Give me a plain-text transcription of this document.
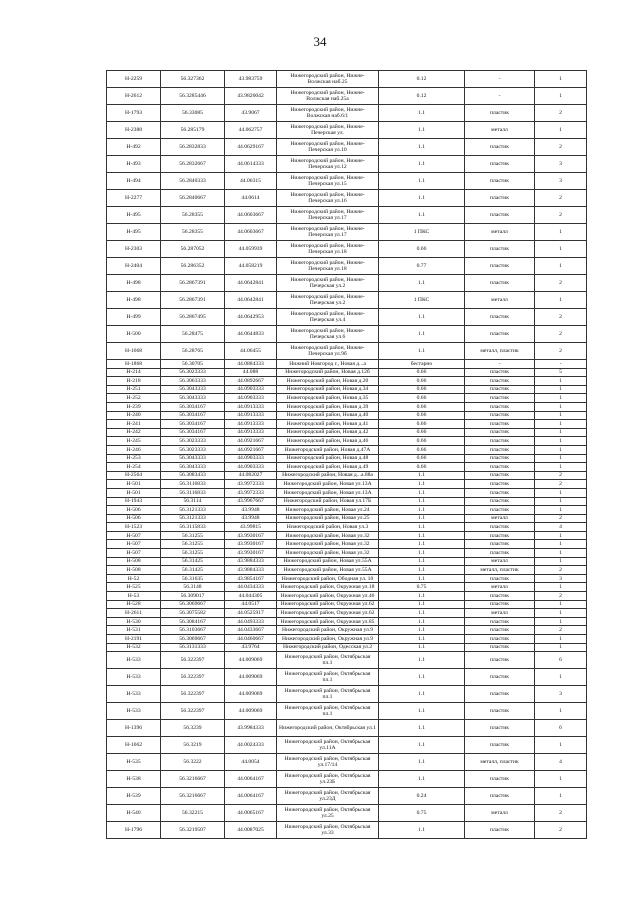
34
Н-2259	56.327362	43.983759	Нижегородский район, Нижне-Волжская наб.25	0.12	-	1
Н-2612	56.3285446	43.9826042	Нижегородский район, Нижне-Волжская наб.25а	0.12	-	1
Н-1793	56.33085	43.9067	Нижегородский район, Нижне-Волжская наб.6/1	1.1	пластик	2
Н-2388	56.285179	44.062757	Нижегородский район, Нижне-Печерская ул.	1.1	металл	1
Н-492	56.2832833	44.0629167	Нижегородский район, Нижне-Печерская ул.10	1.1	пластик	2
Н-493	56.2832667	44.0614333	Нижегородский район, Нижне-Печерская ул.12	1.1	пластик	3
Н-494	56.2840333	44.06315	Нижегородский район, Нижне-Печерская ул.15	1.1	пластик	3
Н-2277	56.2840667	44.0614	Нижегородский район, Нижне-Печерская ул.16	1.1	пластик	2
Н-495	56.28355	44.0603667	Нижегородский район, Нижне-Печерская ул.17	1.1	пластик	2
Н-495	56.28355	44.0603667	Нижегородский район, Нижне-Печерская ул.17	1 ПКС	металл	1
Н-2303	56.287052	44.059939	Нижегородский район, Нижне-Печерская ул.18	0.66	пластик	1
Н-2404	56.286352	44.058219	Нижегородский район, Нижне-Печерская ул.18	0.77	пластик	1
Н-498	56.2867391	44.0642841	Нижегородский район, Нижне-Печерская ул.2	1.1	пластик	2
Н-498	56.2867391	44.0642841	Нижегородский район, Нижне-Печерская ул.2	1 ПКС	металл	1
Н-499	56.2867495	44.0642953	Нижегородский район, Нижне-Печерская ул.4	1.1	пластик	2
Н-500	56.28475	44.0644833	Нижегородский район, Нижне-Печерская ул.6	1.1	пластик	2
Н-1668	56.28765	44.06455	Нижегородский район, Нижне-Печерская ул.9б	1.1	металл, пластик	2
Н-1868	56.30705	44.0884333	Нижний Новгород г., Новая д...а	бестарно	-	-
Н-214	56.3023333	44.088	Нижегородский район, Новая д.12б	0.66	пластик	5
Н-218	56.3063333	44.0892667	Нижегородский район, Новая д.20	0.66	пластик	1
Н-251	56.3043333	44.0903333	Нижегородский район, Новая д.34	0.66	пластик	1
Н-252	56.3043333	44.0903333	Нижегородский район, Новая д.35	0.66	пластик	1
Н-239	56.3034167	44.0913333	Нижегородский район, Новая д.39	0.66	пластик	1
Н-240	56.3034167	44.0913333	Нижегородский район, Новая д.40	0.66	пластик	1
Н-241	56.3034167	44.0913333	Нижегородский район, Новая д.41	0.66	пластик	1
Н-242	56.3034167	44.0913333	Нижегородский район, Новая д.42	0.66	пластик	1
Н-245	56.3023333	44.0921667	Нижегородский район, Новая д.46	0.66	пластик	1
Н-246	56.3023333	44.0921667	Нижегородский район, Новая д.47А	0.66	пластик	1
Н-253	56.3043333	44.0903333	Нижегородский район, Новая д.48	0.66	пластик	1
Н-254	56.3043333	44.0903333	Нижегородский район, Новая д.49	0.66	пластик	1
Н-2564	56.3083433	44.082027	Нижегородский район, Новая д...а.88а	1.1	пластик	2
Н-501	56.3116833	43.9972333	Нижегородский район, Новая ул.13А	1.1	пластик	2
Н-501	56.3116833	43.9972333	Нижегородский район, Новая ул.13А	1.1	пластик	1
Н-1943	56.3114	43.9967667	Нижегородский район, Новая ул.17Б	1.1	пластик	1
Н-506	56.3121333	43.9948	Нижегородский район, Новая ул.24	1.1	пластик	1
Н-506	56.3121333	43.9948	Нижегородский район, Новая ул.25	1.1	металл	2
Н-1523	56.3115833	43.99815	Нижегородский район, Новая ул.3	1.1	пластик	4
Н-507	56.31255	43.9930167	Нижегородский район, Новая ул.32	1.1	пластик	1
Н-507	56.31255	43.9930167	Нижегородский район, Новая ул.32	1.1	пластик	1
Н-507	56.31255	43.9930167	Нижегородский район, Новая ул.32	1.1	пластик	1
Н-508	56.31425	43.9884333	Нижегородский район, Новая ул.55А	1.1	металл	1
Н-508	56.31425	43.9884333	Нижегородский район, Новая ул.55А	1.1	металл, пластик	2
Н-52	56.31635	43.9854167	Нижегородский район, Ободная ул. 10	1.1	пластик	3
Н-525	56.3148	44.0434333	Нижегородский район, Окружная ул.18	0.75	металл	1
Н-53	56.309017	44.044305	Нижегородский район, Окружная ул.46	1.1	пластик	2
Н-528	56.3069667	44.0517	Нижегородский район, Окружная ул.62	1.1	пластик	1
Н-2611	56.3075582	44.0525917	Нижегородский район, Окружная ул.62	1.1	металл	1
Н-530	56.3084167	44.0493333	Нижегородский район, Окружная ул.85	1.1	пластик	1
Н-531	56.3103667	44.0433667	Нижегородский район, Окружная ул.9	1.1	пластик	2
Н-2191	56.3069667	44.0460667	Нижегородский район, Окружная ул.9	1.1	пластик	1
Н-532	56.3131333	43.9764	Нижегородский район, Одесская ул.2	1.1	пластик	1
Н-533	56.322397	44.009069	Нижегородский район, Октябрьская пл.1	1.1	пластик	6
Н-533	56.322397	44.009069	Нижегородский район, Октябрьская пл.1	1.1	пластик	1
Н-533	56.322397	44.009069	Нижегородский район, Октябрьская пл.1	1.1	пластик	3
Н-533	56.322397	44.009069	Нижегородский район, Октябрьская пл.1	1.1	пластик	1
Н-1396	56.3239	43.9984333	Нижегородский район, Октябрьская ул.1	1.1	пластик	6
Н-1662	56.3219	44.0024333	Нижегородский район, Октябрьская ул.11А	1.1	пластик	1
Н-535	56.3222	44.0054	Нижегородский район, Октябрьская ул.17/14	1.1	металл, пластик	4
Н-538	56.3216667	44.0064167	Нижегородский район, Октябрьская ул.23Б	1.1	пластик	1
Н-539	56.3216667	44.0064167	Нижегородский район, Октябрьская ул.23Д	0.24	пластик	1
Н-540	56.32215	44.0065167	Нижегородский район, Октябрьская ул.25	0.75	металл	2
Н-1796	56.3219507	44.0087025	Нижегородский район, Октябрьская ул.33	1.1	пластик	2
